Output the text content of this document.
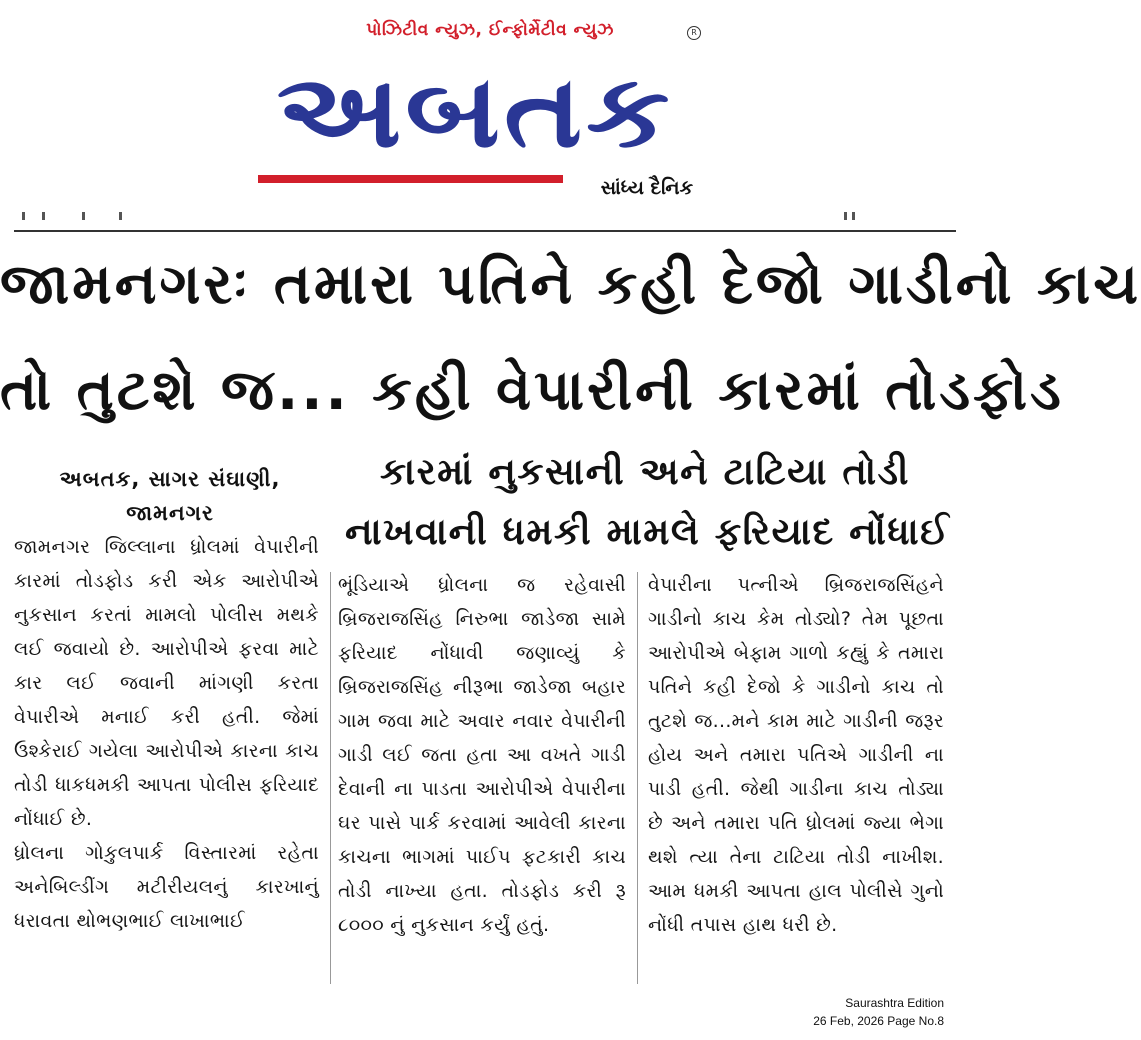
પોઝિટીવ ન્યુઝ, ઈન્ફોર્મેટીવ ન્યુઝ	R
અબતક
સાંધ્ય દૈનિક
જામનગરઃ તમારા પતિને કહી દેજો ગાડીનો કાચ
તો તુટશે જ... કહી વેપારીની કારમાં તોડફોડ
અબતક, સાગર સંઘાણી,
જામનગર
કારમાં નુકસાની અને ટાટિયા તોડી
નાખવાની ધમકી મામલે ફરિયાદ નોંધાઈ

જામનગર જિલ્લાના ધ્રોલમાં વેપારીની કારમાં તોડફોડ કરી એક આરોપીએ નુકસાન કરતાં મામલો પોલીસ મથકે લઈ જવાયો છે. આરોપીએ ફરવા માટે કાર લઈ જવાની માંગણી કરતા વેપારીએ મનાઈ કરી હતી. જેમાં ઉશ્કેરાઈ ગયેલા આરોપીએ કારના કાચ તોડી ધાકધમકી આપતા પોલીસ ફરિયાદ નોંધાઈ છે.

ધ્રોલના ગોકુલપાર્ક વિસ્તારમાં રહેતા અનેબિલ્ડીંગ મટીરીયલનું કારખાનું ધરાવતા થોભણભાઈ લાખાભાઈ

ભૂંડિયાએ ધ્રોલના જ રહેવાસી બ્રિજરાજસિંહ નિરુભા જાડેજા સામે ફરિયાદ નોંધાવી જણાવ્યું કે બ્રિજરાજસિંહ નીરૂભા જાડેજા બહાર ગામ જવા માટે અવાર નવાર વેપારીની ગાડી લઈ જતા હતા આ વખતે ગાડી દેવાની ના પાડતા આરોપીએ વેપારીના ઘર પાસે પાર્ક કરવામાં આવેલી કારના કાચના ભાગમાં પાઈપ ફટકારી કાચ તોડી નાખ્યા હતા. તોડફોડ કરી રૂ ૮૦૦૦ નું નુકસાન કર્યું હતું.

વેપારીના પત્નીએ બ્રિજરાજસિંહને ગાડીનો કાચ કેમ તોડ્યો? તેમ પૂછતા આરોપીએ બેફામ ગાળો કહ્યું કે તમારા પતિને કહી દેજો કે ગાડીનો કાચ તો તુટશે જ...મને કામ માટે ગાડીની જરૂર હોય અને તમારા પતિએ ગાડીની ના પાડી હતી. જેથી ગાડીના કાચ તોડ્યા છે અને તમારા પતિ ધ્રોલમાં જ્યા ભેગા થશે ત્યા તેના ટાટિયા તોડી નાખીશ. આમ ધમકી આપતા હાલ પોલીસે ગુનો નોંધી તપાસ હાથ ધરી છે.

Saurashtra Edition
26 Feb, 2026 Page No.8
